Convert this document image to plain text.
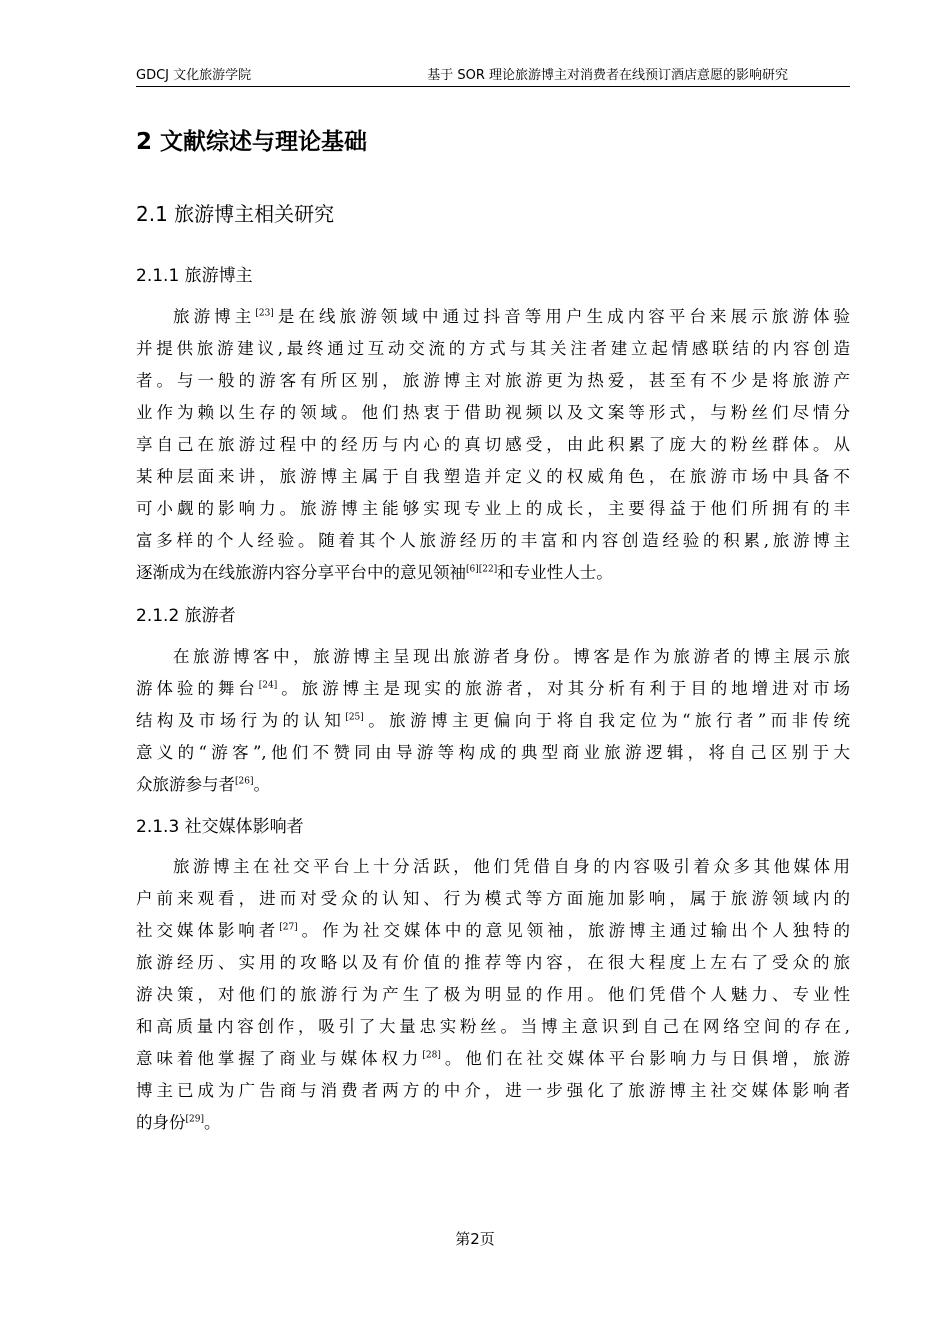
GDCJ 文化旅游学院	基于 SOR 理论旅游博主对消费者在线预订酒店意愿的影响研究
2 文献综述与理论基础
2.1 旅游博主相关研究
2.1.1 旅游博主
旅游博主[23]是在线旅游领域中通过抖音等用户生成内容平台来展示旅游体验
并提供旅游建议,最终通过互动交流的方式与其关注者建立起情感联结的内容创造
者。与一般的游客有所区别，旅游博主对旅游更为热爱，甚至有不少是将旅游产
业作为赖以生存的领域。他们热衷于借助视频以及文案等形式，与粉丝们尽情分
享自己在旅游过程中的经历与内心的真切感受，由此积累了庞大的粉丝群体。从
某种层面来讲，旅游博主属于自我塑造并定义的权威角色，在旅游市场中具备不
可小觑的影响力。旅游博主能够实现专业上的成长，主要得益于他们所拥有的丰
富多样的个人经验。随着其个人旅游经历的丰富和内容创造经验的积累,旅游博主
逐渐成为在线旅游内容分享平台中的意见领袖[6][22]和专业性人士。
2.1.2 旅游者
在旅游博客中，旅游博主呈现出旅游者身份。博客是作为旅游者的博主展示旅
游体验的舞台[24]。旅游博主是现实的旅游者，对其分析有利于目的地增进对市场
结构及市场行为的认知[25]。旅游博主更偏向于将自我定位为“旅行者”而非传统
意义的“游客”,他们不赞同由导游等构成的典型商业旅游逻辑，将自己区别于大
众旅游参与者[26]。
2.1.3 社交媒体影响者
旅游博主在社交平台上十分活跃，他们凭借自身的内容吸引着众多其他媒体用
户前来观看，进而对受众的认知、行为模式等方面施加影响，属于旅游领域内的
社交媒体影响者[27]。作为社交媒体中的意见领袖，旅游博主通过输出个人独特的
旅游经历、实用的攻略以及有价值的推荐等内容，在很大程度上左右了受众的旅
游决策，对他们的旅游行为产生了极为明显的作用。他们凭借个人魅力、专业性
和高质量内容创作，吸引了大量忠实粉丝。当博主意识到自己在网络空间的存在,
意味着他掌握了商业与媒体权力[28]。他们在社交媒体平台影响力与日俱增，旅游
博主已成为广告商与消费者两方的中介，进一步强化了旅游博主社交媒体影响者
的身份[29]。
第2页
